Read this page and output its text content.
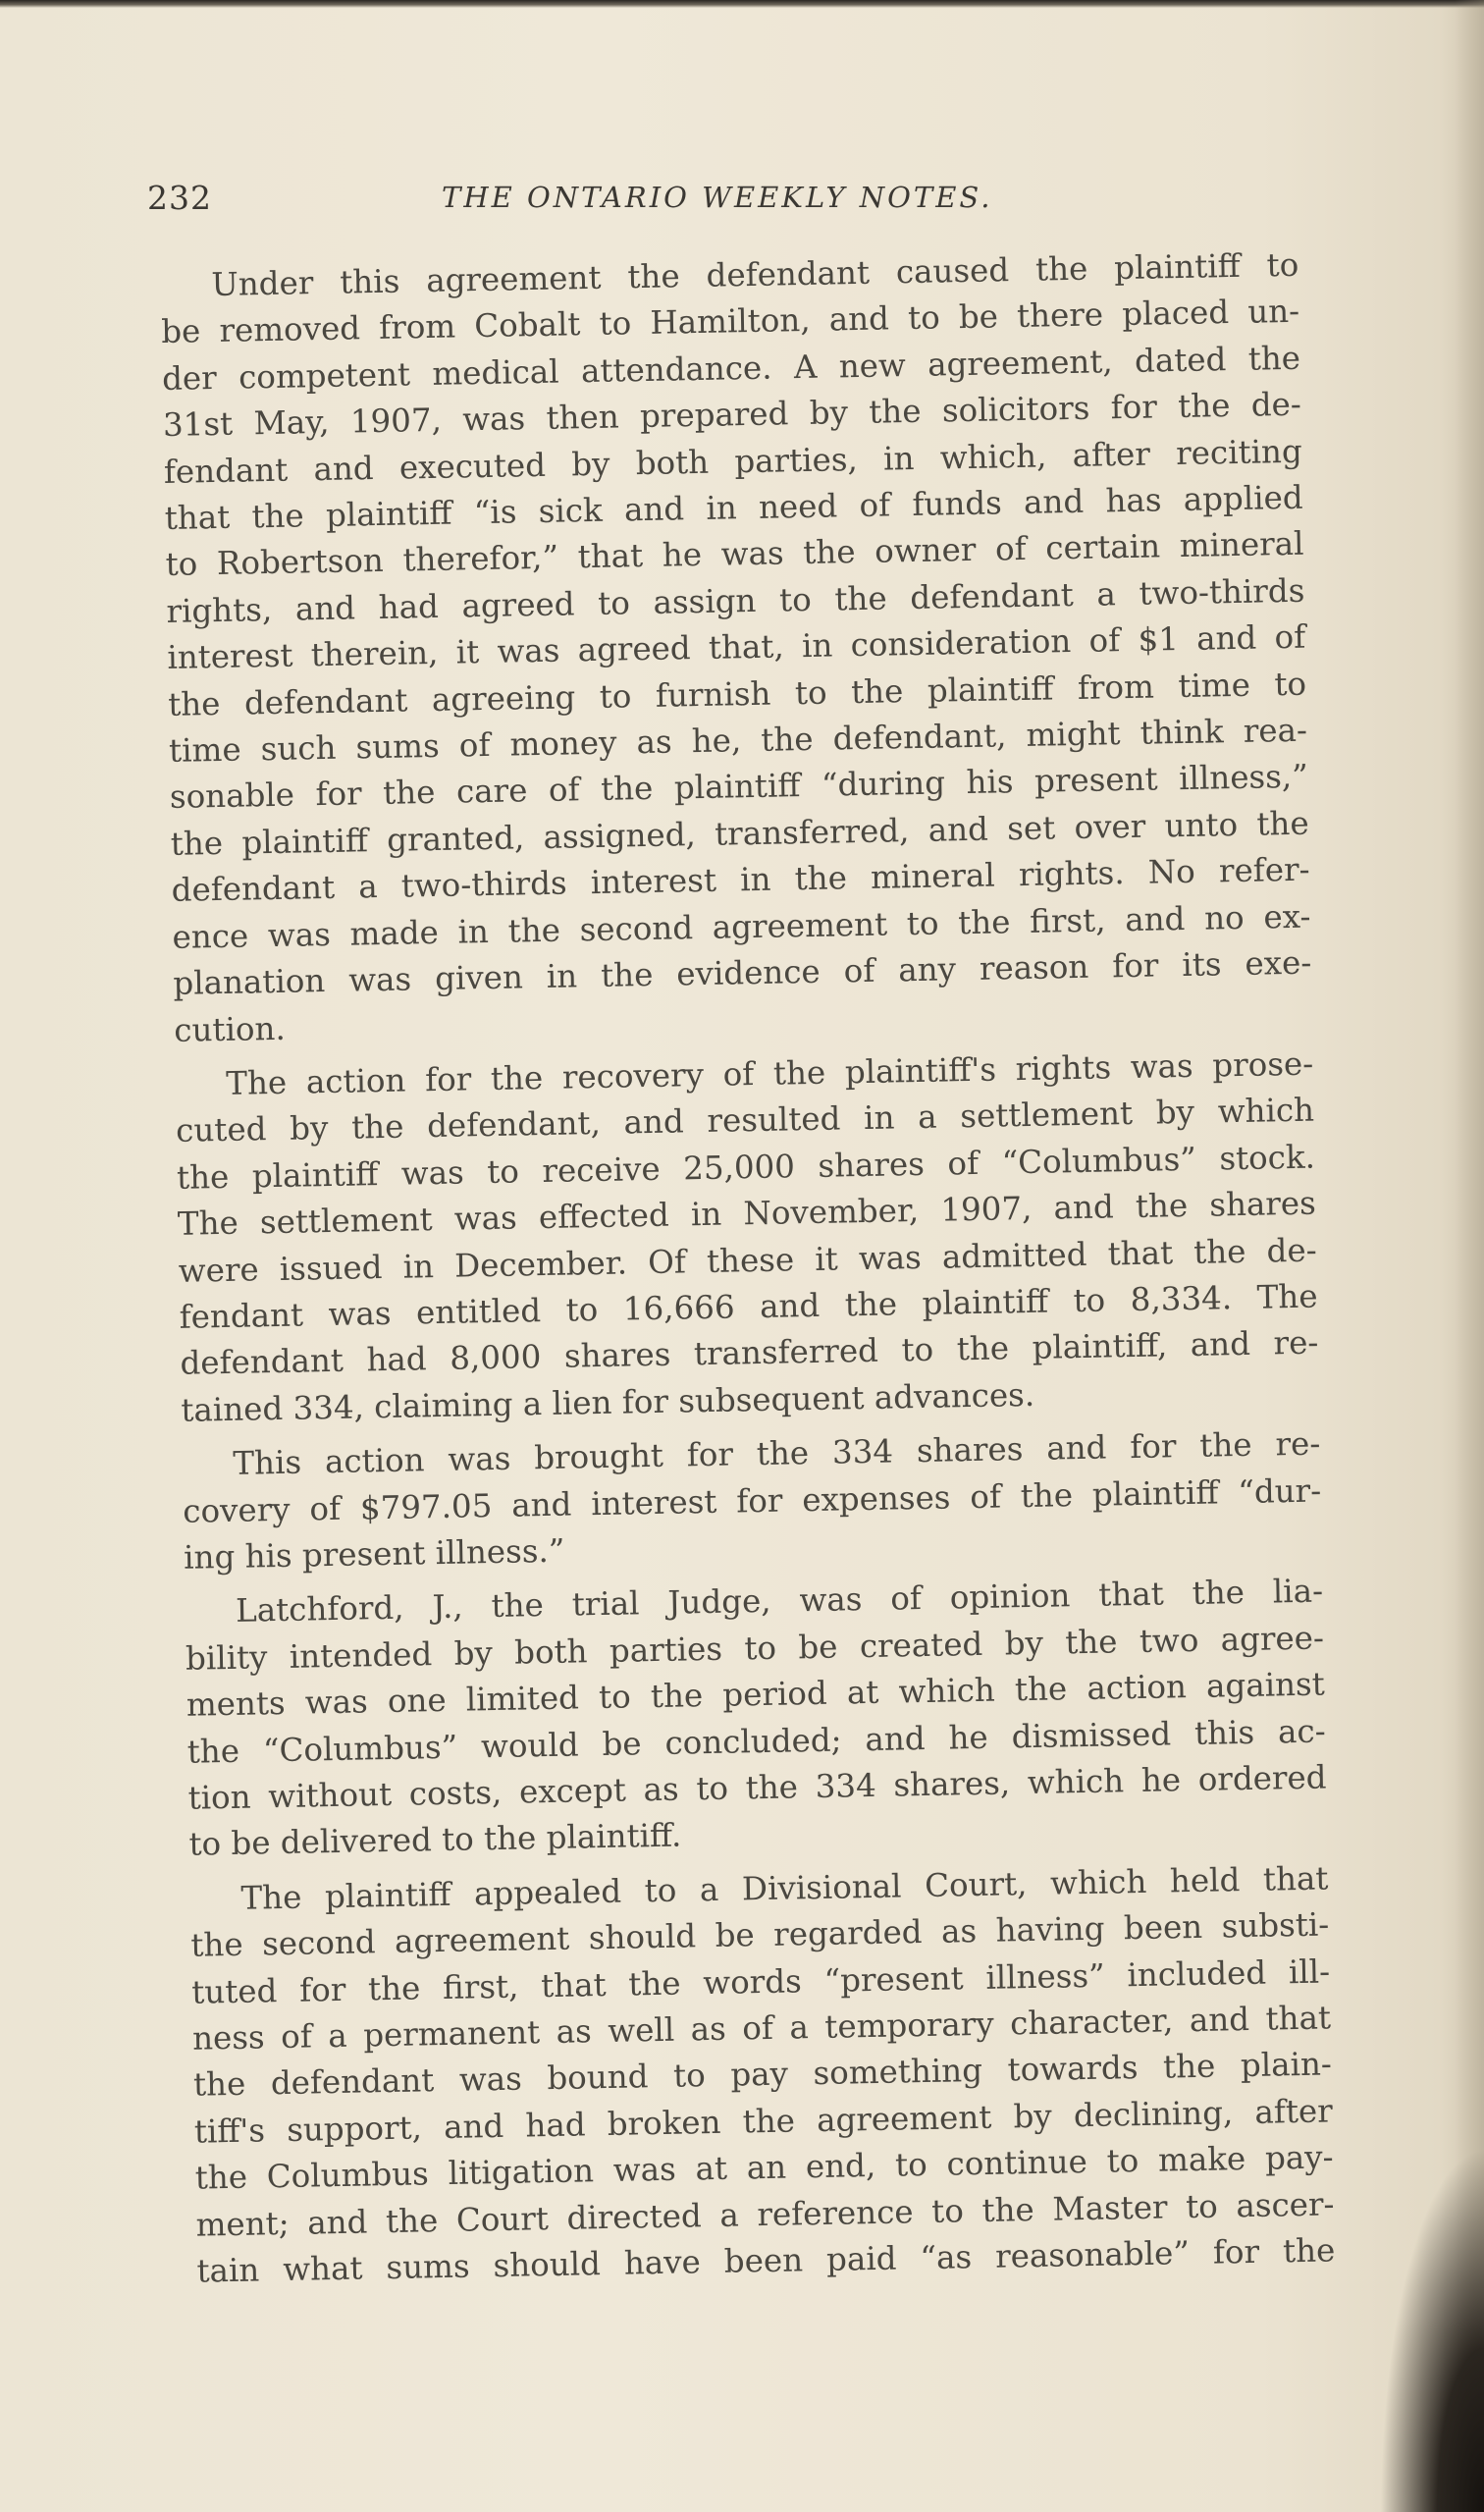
232	THE ONTARIO WEEKLY NOTES.

Under this agreement the defendant caused the plaintiff to
be removed from Cobalt to Hamilton, and to be there placed un-
der competent medical attendance. A new agreement, dated the
31st May, 1907, was then prepared by the solicitors for the de-
fendant and executed by both parties, in which, after reciting
that the plaintiff “is sick and in need of funds and has applied
to Robertson therefor,” that he was the owner of certain mineral
rights, and had agreed to assign to the defendant a two-thirds
interest therein, it was agreed that, in consideration of $1 and of
the defendant agreeing to furnish to the plaintiff from time to
time such sums of money as he, the defendant, might think rea-
sonable for the care of the plaintiff “during his present illness,”
the plaintiff granted, assigned, transferred, and set over unto the
defendant a two-thirds interest in the mineral rights. No refer-
ence was made in the second agreement to the first, and no ex-
planation was given in the evidence of any reason for its exe-
cution.

The action for the recovery of the plaintiff's rights was prose-
cuted by the defendant, and resulted in a settlement by which
the plaintiff was to receive 25,000 shares of “Columbus” stock.
The settlement was effected in November, 1907, and the shares
were issued in December. Of these it was admitted that the de-
fendant was entitled to 16,666 and the plaintiff to 8,334. The
defendant had 8,000 shares transferred to the plaintiff, and re-
tained 334, claiming a lien for subsequent advances.

This action was brought for the 334 shares and for the re-
covery of $797.05 and interest for expenses of the plaintiff “dur-
ing his present illness.”

Latchford, J., the trial Judge, was of opinion that the lia-
bility intended by both parties to be created by the two agree-
ments was one limited to the period at which the action against
the “Columbus” would be concluded; and he dismissed this ac-
tion without costs, except as to the 334 shares, which he ordered
to be delivered to the plaintiff.

The plaintiff appealed to a Divisional Court, which held that
the second agreement should be regarded as having been substi-
tuted for the first, that the words “present illness” included ill-
ness of a permanent as well as of a temporary character, and that
the defendant was bound to pay something towards the plain-
tiff's support, and had broken the agreement by declining, after
the Columbus litigation was at an end, to continue to make pay-
ment; and the Court directed a reference to the Master to ascer-
tain what sums should have been paid “as reasonable” for the
